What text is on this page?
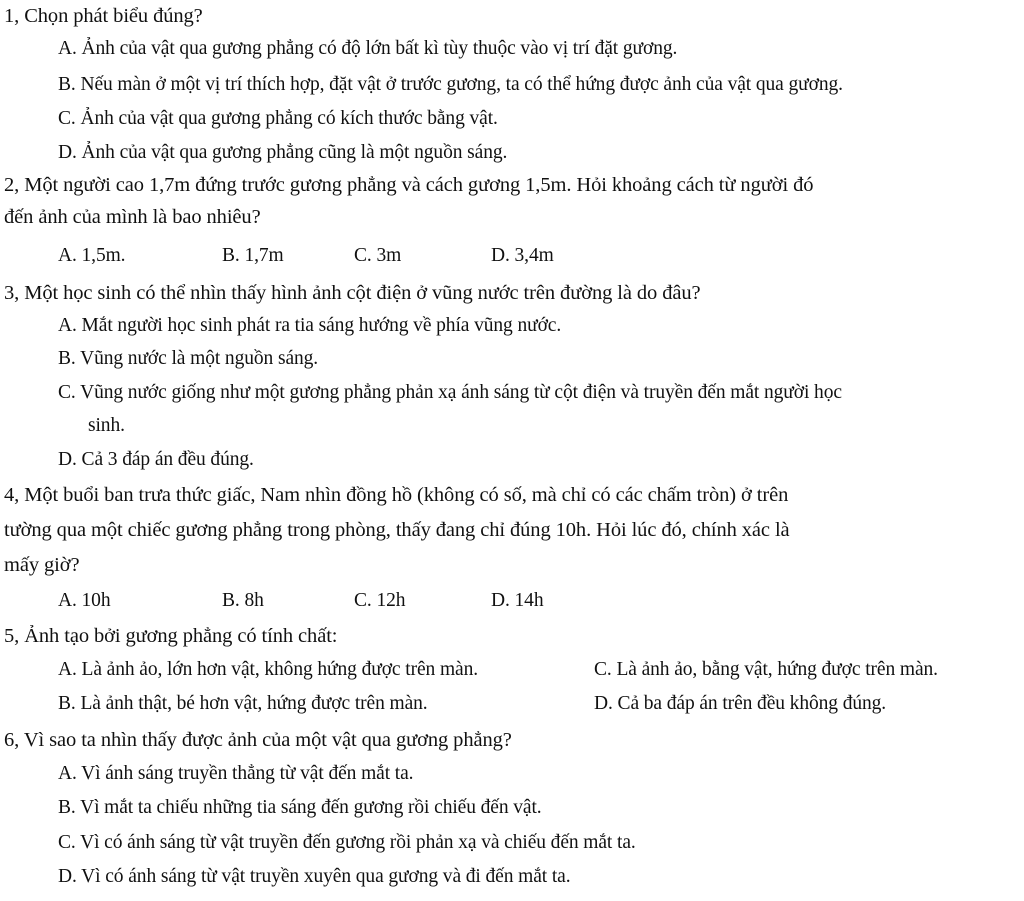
1, Chọn phát biểu đúng?
A. Ảnh của vật qua gương phẳng có độ lớn bất kì tùy thuộc vào vị trí đặt gương.
B. Nếu màn ở một vị trí thích hợp, đặt vật ở trước gương, ta có thể hứng được ảnh của vật qua gương.
C. Ảnh của vật qua gương phẳng có kích thước bằng vật.
D. Ảnh của vật qua gương phẳng cũng là một nguồn sáng.
2, Một người cao 1,7m đứng trước gương phẳng và cách gương 1,5m. Hỏi khoảng cách từ người đó
đến ảnh của mình là bao nhiêu?
A. 1,5m.	B. 1,7m	C. 3m	D. 3,4m
3, Một học sinh có thể nhìn thấy hình ảnh cột điện ở vũng nước trên đường là do đâu?
A. Mắt người học sinh phát ra tia sáng hướng về phía vũng nước.
B. Vũng nước là một nguồn sáng.
C. Vũng nước giống như một gương phẳng phản xạ ánh sáng từ cột điện và truyền đến mắt người học
sinh.
D. Cả 3 đáp án đều đúng.
4, Một buổi ban trưa thức giấc, Nam nhìn đồng hồ (không có số, mà chỉ có các chấm tròn) ở trên
tường qua một chiếc gương phẳng trong phòng, thấy đang chỉ đúng 10h. Hỏi lúc đó, chính xác là
mấy giờ?
A. 10h	B. 8h	C. 12h	D. 14h
5, Ảnh tạo bởi gương phẳng có tính chất:
A. Là ảnh ảo, lớn hơn vật, không hứng được trên màn.	C. Là ảnh ảo, bằng vật, hứng được trên màn.
B. Là ảnh thật, bé hơn vật, hứng được trên màn.	D. Cả ba đáp án trên đều không đúng.
6, Vì sao ta nhìn thấy được ảnh của một vật qua gương phẳng?
A. Vì ánh sáng truyền thẳng từ vật đến mắt ta.
B. Vì mắt ta chiếu những tia sáng đến gương rồi chiếu đến vật.
C. Vì có ánh sáng từ vật truyền đến gương rồi phản xạ và chiếu đến mắt ta.
D. Vì có ánh sáng từ vật truyền xuyên qua gương và đi đến mắt ta.
